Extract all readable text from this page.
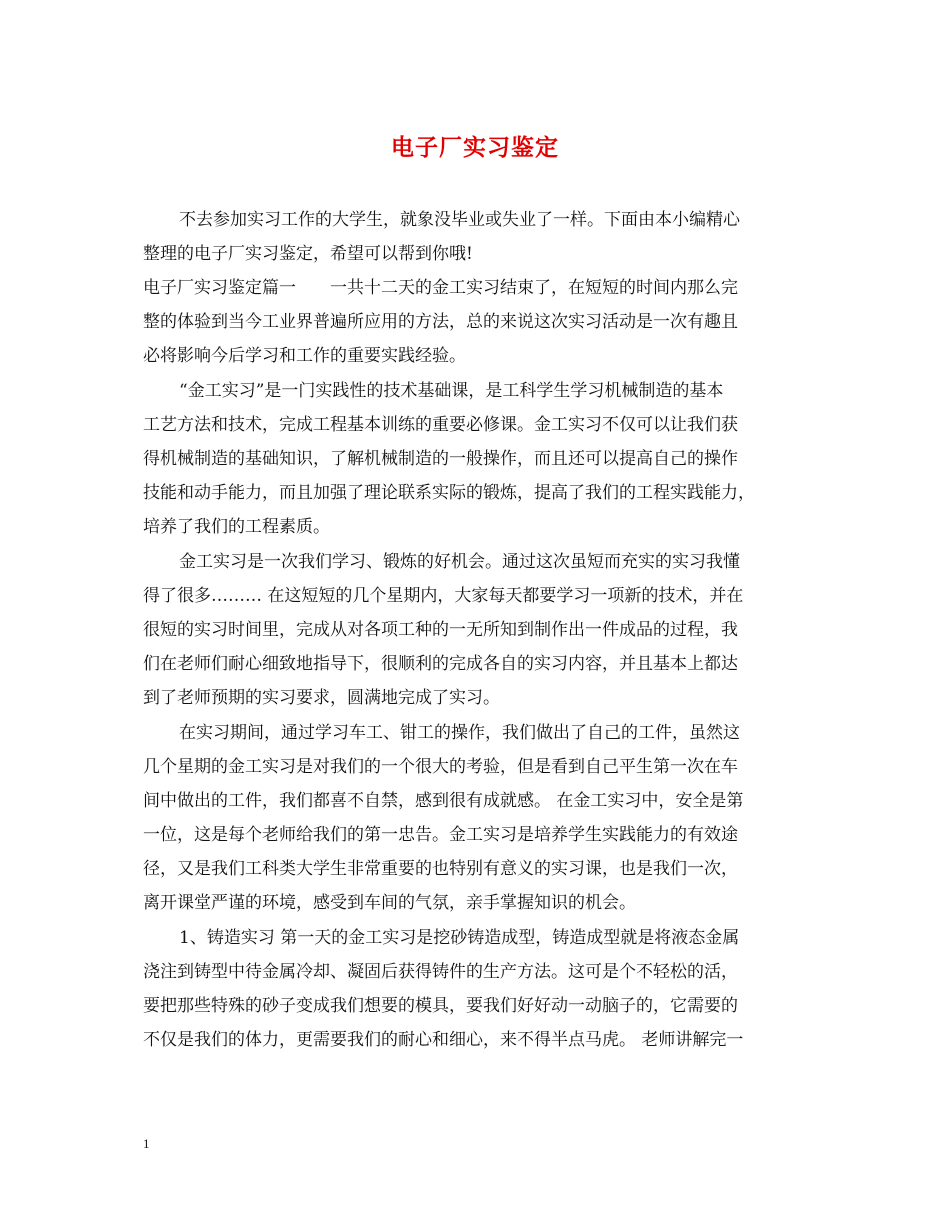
电子厂实习鉴定
不去参加实习工作的大学生，就象没毕业或失业了一样。下面由本小编精心
整理的电子厂实习鉴定，希望可以帮到你哦!
电子厂实习鉴定篇一　　一共十二天的金工实习结束了，在短短的时间内那么完
整的体验到当今工业界普遍所应用的方法，总的来说这次实习活动是一次有趣且
必将影响今后学习和工作的重要实践经验。
“金工实习”是一门实践性的技术基础课，是工科学生学习机械制造的基本
工艺方法和技术，完成工程基本训练的重要必修课。金工实习不仅可以让我们获
得机械制造的基础知识，了解机械制造的一般操作，而且还可以提高自己的操作
技能和动手能力，而且加强了理论联系实际的锻炼，提高了我们的工程实践能力，
培养了我们的工程素质。
金工实习是一次我们学习、锻炼的好机会。通过这次虽短而充实的实习我懂
得了很多……… 在这短短的几个星期内，大家每天都要学习一项新的技术，并在
很短的实习时间里，完成从对各项工种的一无所知到制作出一件成品的过程，我
们在老师们耐心细致地指导下，很顺利的完成各自的实习内容，并且基本上都达
到了老师预期的实习要求，圆满地完成了实习。
在实习期间，通过学习车工、钳工的操作，我们做出了自己的工件，虽然这
几个星期的金工实习是对我们的一个很大的考验，但是看到自己平生第一次在车
间中做出的工件，我们都喜不自禁，感到很有成就感。 在金工实习中，安全是第
一位，这是每个老师给我们的第一忠告。金工实习是培养学生实践能力的有效途
径，又是我们工科类大学生非常重要的也特别有意义的实习课，也是我们一次，
离开课堂严谨的环境，感受到车间的气氛，亲手掌握知识的机会。
1、铸造实习 第一天的金工实习是挖砂铸造成型，铸造成型就是将液态金属
浇注到铸型中待金属冷却、凝固后获得铸件的生产方法。这可是个不轻松的活，
要把那些特殊的砂子变成我们想要的模具，要我们好好动一动脑子的，它需要的
不仅是我们的体力，更需要我们的耐心和细心，来不得半点马虎。 老师讲解完一
1
